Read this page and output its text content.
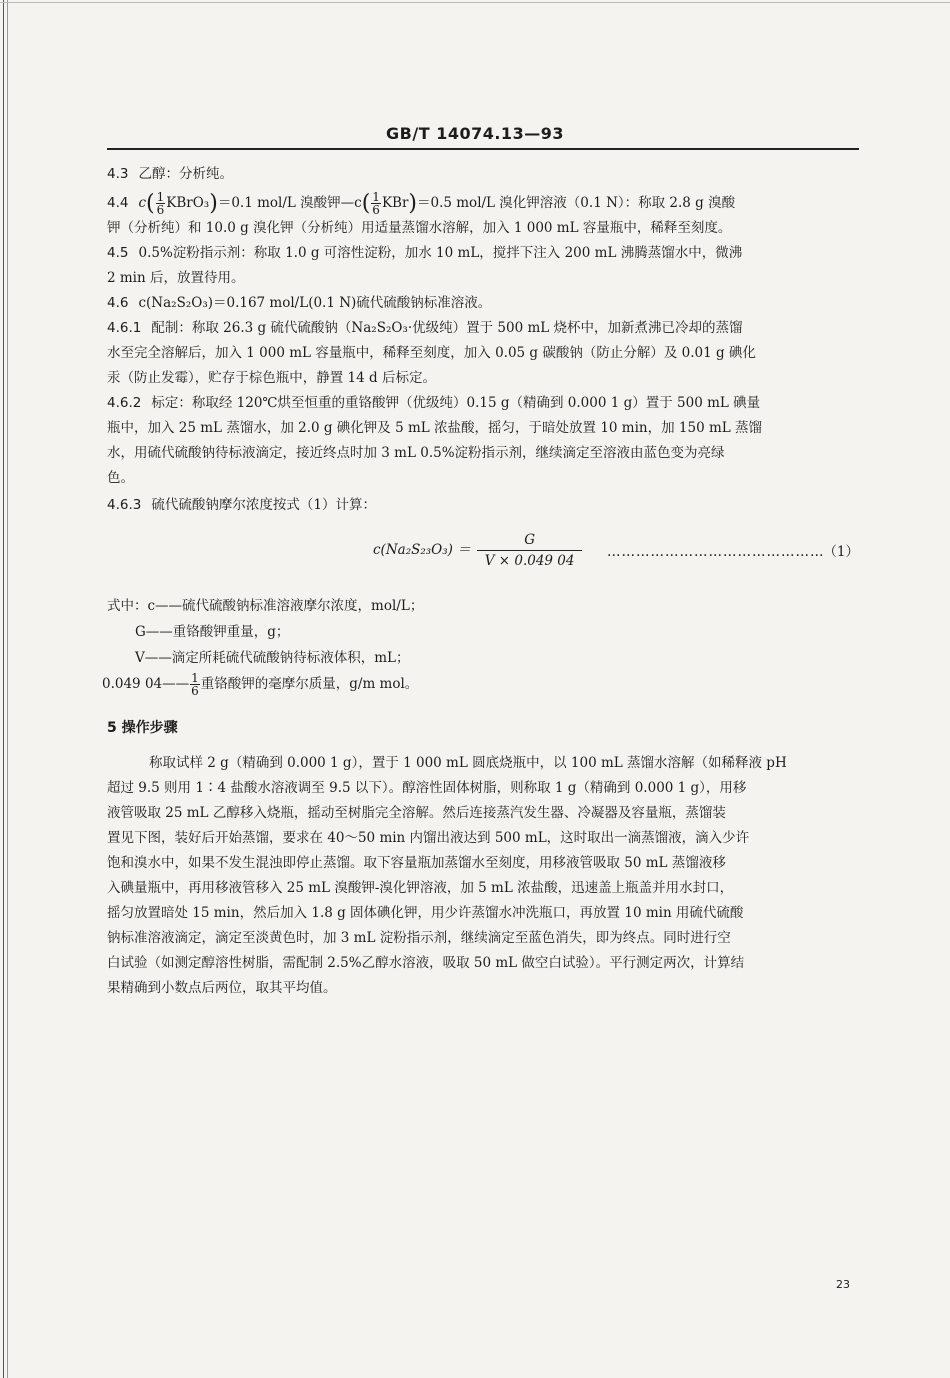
GB/T 14074.13—93

4.3 乙醇：分析纯。

4.4 $c( \frac{1}{6}$ KBrO₃)＝0.1 mol/L 溴酸钾—c( $\frac{1}{6} KBr)=0.5$ mol/L 溴化钾溶液（0.1 N）：称取 2.8 g 溴酸

钾（分析纯）和 10.0 g 溴化钾（分析纯）用适量蒸馏水溶解，加入 1 000 mL 容量瓶中，稀释至刻度。

4.5 0.5%淀粉指示剂：称取 1.0 g 可溶性淀粉，加水 10 mL，搅拌下注入 200 mL 沸腾蒸馏水中，微沸

2 min 后，放置待用。

4.6 c(Na₂S₂O₃)＝0.167 mol/L(0.1 N)硫代硫酸钠标准溶液。

4.6.1 配制：称取 26.3 g 硫代硫酸钠（Na₂S₂O₃·优级纯）置于 500 mL 烧杯中，加新煮沸已冷却的蒸馏

水至完全溶解后，加入 1 000 mL 容量瓶中，稀释至刻度，加入 0.05 g 碳酸钠（防止分解）及 0.01 g 碘化

汞（防止发霉），贮存于棕色瓶中，静置 14 d 后标定。

4.6.2 标定：称取经 120℃烘至恒重的重铬酸钾（优级纯）0.15 g（精确到 0.000 1 g）置于 500 mL 碘量

瓶中，加入 25 mL 蒸馏水，加 2.0 g 碘化钾及 5 mL 浓盐酸，摇匀，于暗处放置 10 min，加 150 mL 蒸馏

水，用硫代硫酸钠待标液滴定，接近终点时加 3 mL 0.5%淀粉指示剂，继续滴定至溶液由蓝色变为亮绿

色。

4.6.3 硫代硫酸钠摩尔浓度按式（1）计算：

$c(Na_2S_{23}O_3) = \frac{G}{V \times 0.049 04}$ ………………………………………
（1）
式中：c——硫代硫酸钠标准溶液摩尔浓度，mol/L；
G——重铬酸钾重量，g；
V——滴定所耗硫代硫酸钠待标液体积，mL；
0.049 04—— $\frac{1}{6}$ 重铬酸钾的毫摩尔质量，g/m mol。
5 操作步骤

称取试样 2 g（精确到 0.000 1 g），置于 1 000 mL 圆底烧瓶中，以 100 mL 蒸馏水溶解（如稀释液 pH

超过 9.5 则用 1∶4 盐酸水溶液调至 9.5 以下）。醇溶性固体树脂，则称取 1 g（精确到 0.000 1 g），用移

液管吸取 25 mL 乙醇移入烧瓶，摇动至树脂完全溶解。然后连接蒸汽发生器、冷凝器及容量瓶，蒸馏装

置见下图，装好后开始蒸馏，要求在 40～50 min 内馏出液达到 500 mL，这时取出一滴蒸馏液，滴入少许

饱和溴水中，如果不发生混浊即停止蒸馏。取下容量瓶加蒸馏水至刻度，用移液管吸取 50 mL 蒸馏液移

入碘量瓶中，再用移液管移入 25 mL 溴酸钾-溴化钾溶液，加 5 mL 浓盐酸，迅速盖上瓶盖并用水封口，

摇匀放置暗处 15 min，然后加入 1.8 g 固体碘化钾，用少许蒸馏水冲洗瓶口，再放置 10 min 用硫代硫酸

钠标准溶液滴定，滴定至淡黄色时，加 3 mL 淀粉指示剂，继续滴定至蓝色消失，即为终点。同时进行空

白试验（如测定醇溶性树脂，需配制 2.5%乙醇水溶液，吸取 50 mL 做空白试验）。平行测定两次，计算结

果精确到小数点后两位，取其平均值。

23
